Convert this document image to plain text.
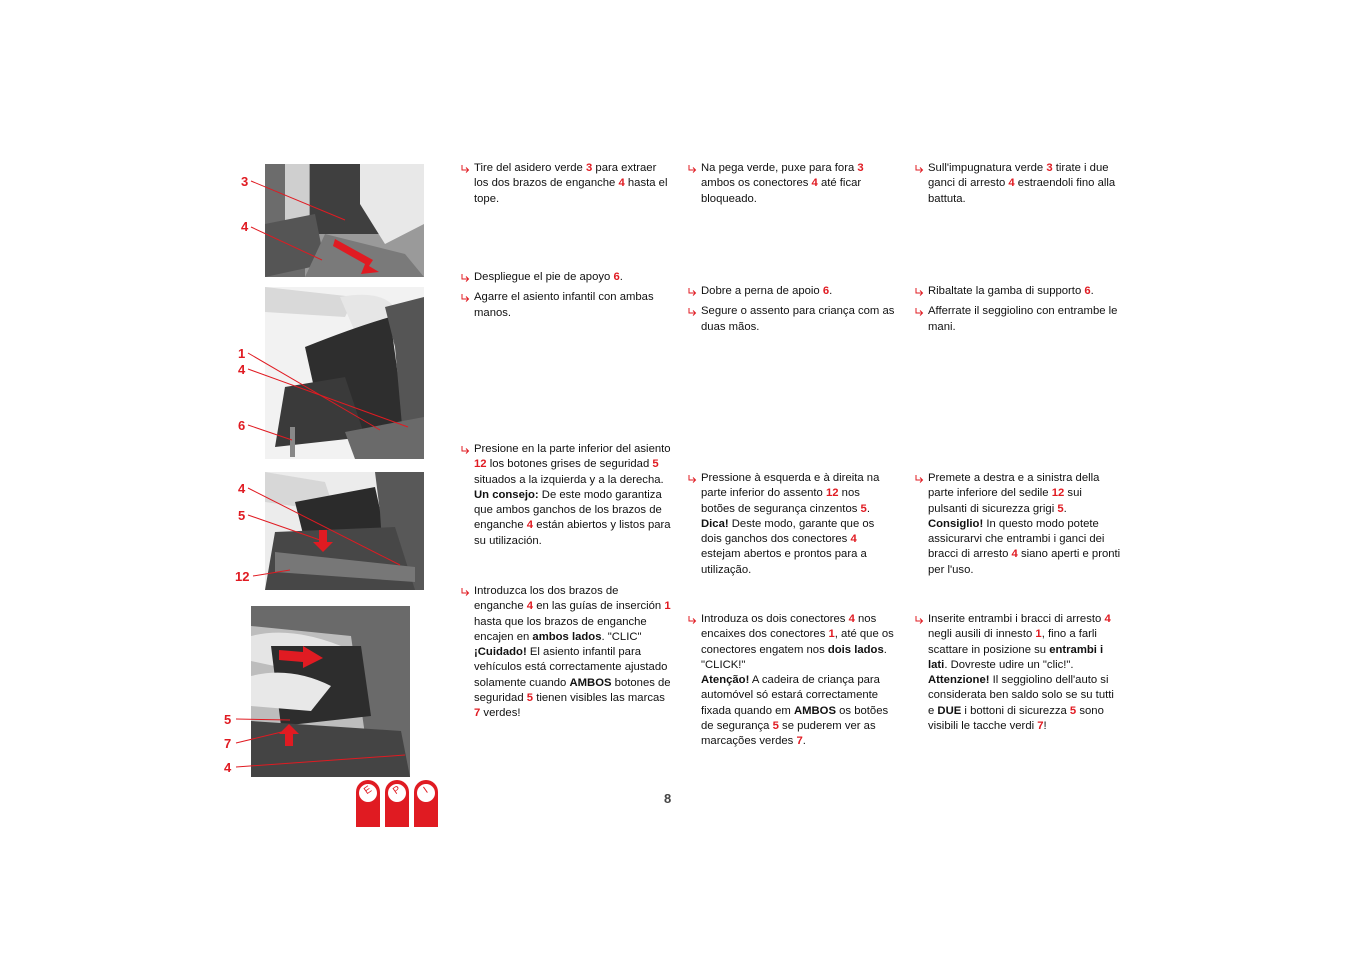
3
4
1
4
6
4
5
12
5
7
4
E	P	I
8
Tire del asidero verde 3 para extraer los dos brazos de enganche 4 hasta el tope.
Despliegue el pie de apoyo 6.
Agarre el asiento infantil con ambas manos.
Presione en la parte inferior del asiento 12 los botones grises de seguridad 5 situados a la izquierda y a la derecha.
Un consejo: De este modo garantiza que ambos ganchos de los brazos de enganche 4 están abiertos y listos para su utilización.
Introduzca los dos brazos de enganche 4 en las guías de inserción 1 hasta que los brazos de enganche encajen en ambos lados. "CLIC"
¡Cuidado! El asiento infantil para vehículos está correctamente ajustado solamente cuando AMBOS botones de seguridad 5 tienen visibles las marcas 7 verdes!
Na pega verde, puxe para fora 3 ambos os conectores 4 até ficar bloqueado.
Dobre a perna de apoio 6.
Segure o assento para criança com as duas mãos.
Pressione à esquerda e à direita na parte inferior do assento 12 nos botões de segurança cinzentos 5.
Dica! Deste modo, garante que os dois ganchos dos conectores 4 estejam abertos e prontos para a utilização.
Introduza os dois conectores 4 nos encaixes dos conectores 1, até que os conectores engatem nos dois lados. "CLICK!"
Atenção! A cadeira de criança para automóvel só estará correctamente fixada quando em AMBOS os botões de segurança 5 se puderem ver as marcações verdes 7.
Sull'impugnatura verde 3 tirate i due ganci di arresto 4 estraendoli fino alla battuta.
Ribaltate la gamba di supporto 6.
Afferrate il seggiolino con entrambe le mani.
Premete a destra e a sinistra della parte inferiore del sedile 12 sui pulsanti di sicurezza grigi 5.
Consiglio! In questo modo potete assicurarvi che entrambi i ganci dei bracci di arresto 4 siano aperti e pronti per l'uso.
Inserite entrambi i bracci di arresto 4 negli ausili di innesto 1, fino a farli scattare in posizione su entrambi i lati. Dovreste udire un "clic!".
Attenzione! Il seggiolino dell'auto si considerata ben saldo solo se su tutti e DUE i bottoni di sicurezza 5 sono visibili le tacche verdi 7!
